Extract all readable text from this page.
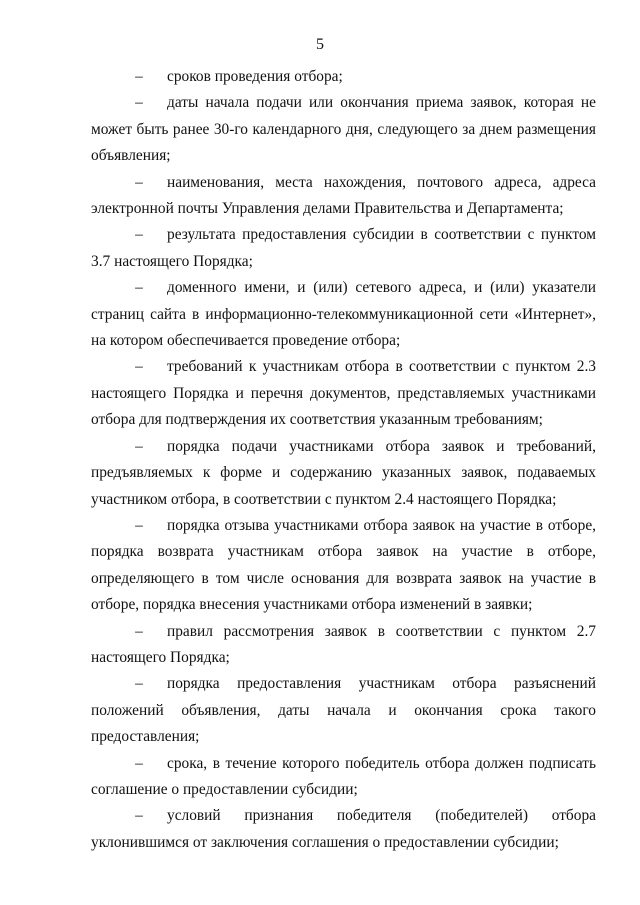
5
– сроков проведения отбора;
– даты начала подачи или окончания приема заявок, которая не может быть ранее 30-го календарного дня, следующего за днем размещения объявления;
– наименования, места нахождения, почтового адреса, адреса электронной почты Управления делами Правительства и Департамента;
– результата предоставления субсидии в соответствии с пунктом 3.7 настоящего Порядка;
– доменного имени, и (или) сетевого адреса, и (или) указатели страниц сайта в информационно-телекоммуникационной сети «Интернет», на котором обеспечивается проведение отбора;
– требований к участникам отбора в соответствии с пунктом 2.3 настоящего Порядка и перечня документов, представляемых участниками отбора для подтверждения их соответствия указанным требованиям;
– порядка подачи участниками отбора заявок и требований, предъявляемых к форме и содержанию указанных заявок, подаваемых участником отбора, в соответствии с пунктом 2.4 настоящего Порядка;
– порядка отзыва участниками отбора заявок на участие в отборе, порядка возврата участникам отбора заявок на участие в отборе, определяющего в том числе основания для возврата заявок на участие в отборе, порядка внесения участниками отбора изменений в заявки;
– правил рассмотрения заявок в соответствии с пунктом 2.7 настоящего Порядка;
– порядка предоставления участникам отбора разъяснений положений объявления, даты начала и окончания срока такого предоставления;
– срока, в течение которого победитель отбора должен подписать соглашение о предоставлении субсидии;
– условий признания победителя (победителей) отбора уклонившимся от заключения соглашения о предоставлении субсидии;
